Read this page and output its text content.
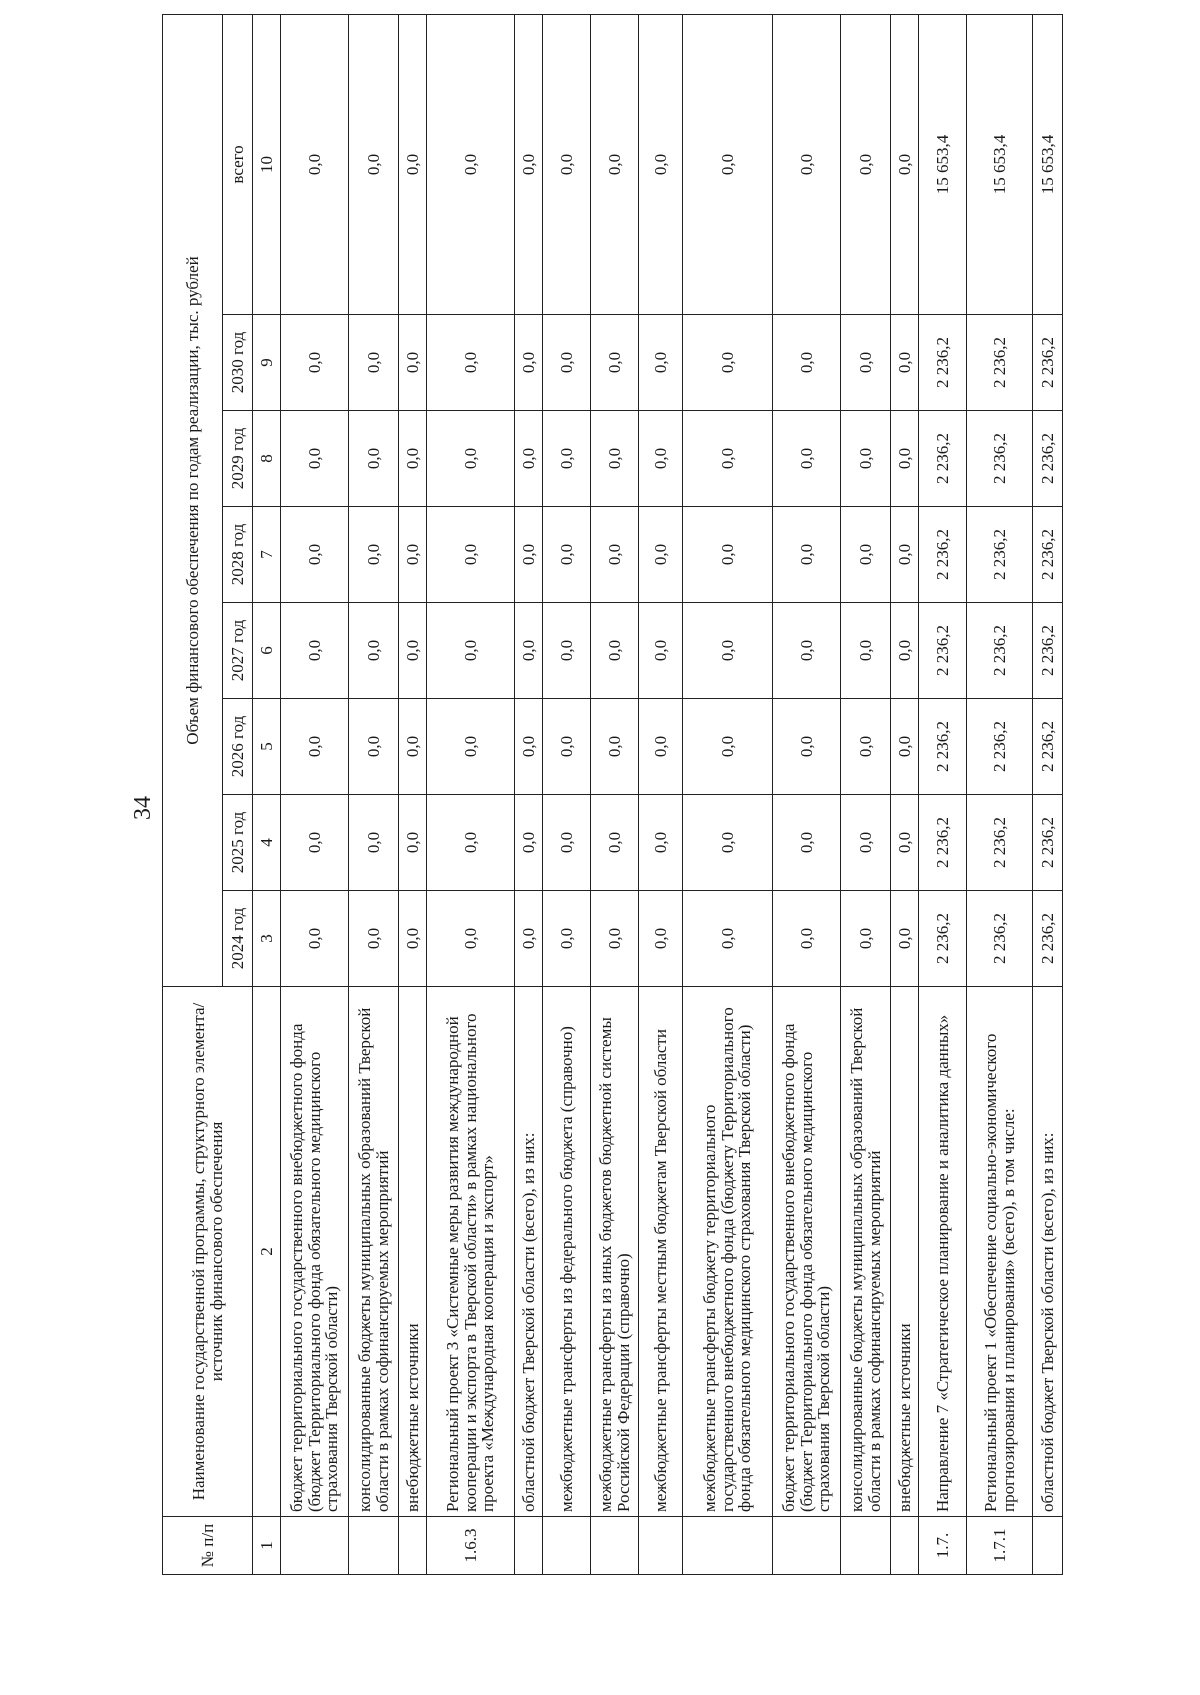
34
№ п/п	Наименование государственной программы, структурного элемента/источник финансового обеспечения	Объем финансового обеспечения по годам реализации, тыс. рублей							
		2024 год	2025 год	2026 год	2027 год	2028 год	2029 год	2030 год	всего
1	2	3	4	5	6	7	8	9	10
	бюджет территориального государственного внебюджетного фонда (бюджет Территориального фонда обязательного медицинского страхования Тверской области)	0,0	0,0	0,0	0,0	0,0	0,0	0,0	0,0
	консолидированные бюджеты муниципальных образований Тверской области в рамках софинансируемых мероприятий	0,0	0,0	0,0	0,0	0,0	0,0	0,0	0,0
	внебюджетные источники	0,0	0,0	0,0	0,0	0,0	0,0	0,0	0,0
1.6.3	Региональный проект 3 «Системные меры развития международной кооперации и экспорта в Тверской области» в рамках национального проекта «Международная кооперация и экспорт»	0,0	0,0	0,0	0,0	0,0	0,0	0,0	0,0
	областной бюджет Тверской области (всего), из них:	0,0	0,0	0,0	0,0	0,0	0,0	0,0	0,0
	межбюджетные трансферты из федерального бюджета (справочно)	0,0	0,0	0,0	0,0	0,0	0,0	0,0	0,0
	межбюджетные трансферты из иных бюджетов бюджетной системы Российской Федерации (справочно)	0,0	0,0	0,0	0,0	0,0	0,0	0,0	0,0
	межбюджетные трансферты местным бюджетам Тверской области	0,0	0,0	0,0	0,0	0,0	0,0	0,0	0,0
	межбюджетные трансферты бюджету территориального государственного внебюджетного фонда (бюджету Территориального фонда обязательного медицинского страхования Тверской области)	0,0	0,0	0,0	0,0	0,0	0,0	0,0	0,0
	бюджет территориального государственного внебюджетного фонда (бюджет Территориального фонда обязательного медицинского страхования Тверской области)	0,0	0,0	0,0	0,0	0,0	0,0	0,0	0,0
	консолидированные бюджеты муниципальных образований Тверской области в рамках софинансируемых мероприятий	0,0	0,0	0,0	0,0	0,0	0,0	0,0	0,0
	внебюджетные источники	0,0	0,0	0,0	0,0	0,0	0,0	0,0	0,0
1.7.	Направление 7 «Стратегическое планирование и аналитика данных»	2 236,2	2 236,2	2 236,2	2 236,2	2 236,2	2 236,2	2 236,2	15 653,4
1.7.1	Региональный проект 1 «Обеспечение социально-экономического прогнозирования и планирования» (всего), в том числе:	2 236,2	2 236,2	2 236,2	2 236,2	2 236,2	2 236,2	2 236,2	15 653,4
	областной бюджет Тверской области (всего), из них:	2 236,2	2 236,2	2 236,2	2 236,2	2 236,2	2 236,2	2 236,2	15 653,4
